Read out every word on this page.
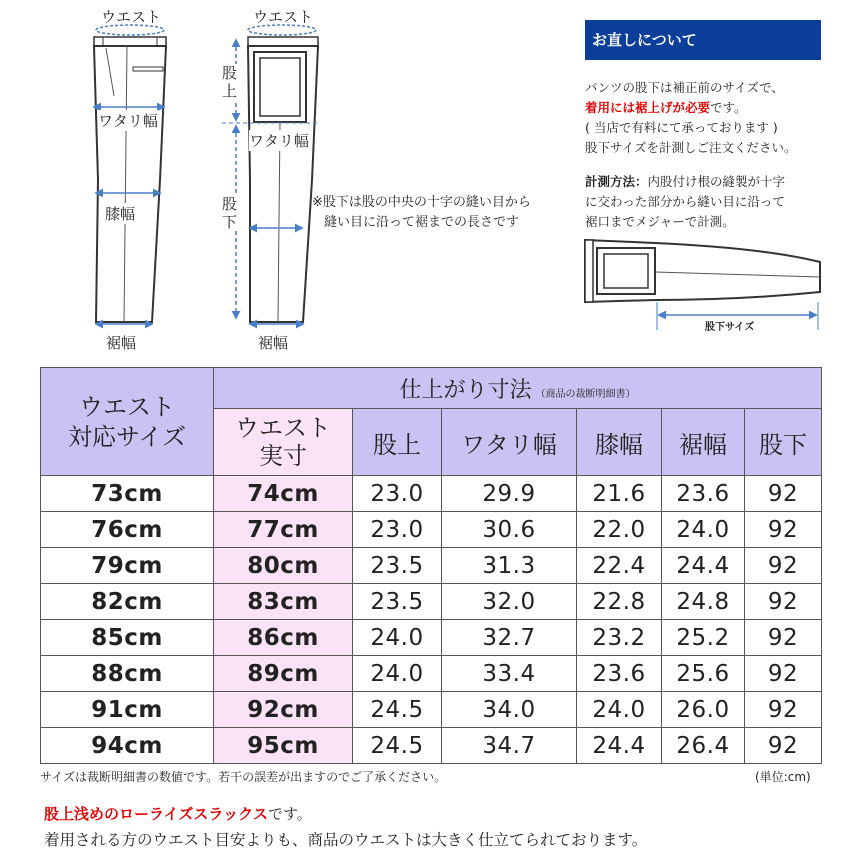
ウエスト	ウエスト
ワタリ幅
膝幅
裾幅
股上
ワタリ幅
股下
裾幅
※股下は股の中央の十字の縫い目から
縫い目に沿って裾までの長さです
股下サイズ
お直しについて
パンツの股下は補正前のサイズで、
着用には裾上げが必要です。
( 当店で有料にて承っております )
股下サイズを計測しご注文ください。
計測方法：内股付け根の縫製が十字
に交わった部分から縫い目に沿って
裾口までメジャーで計測。
ウエスト
対応サイズ	仕上がり寸法 （商品の裁断明細書）					

	ウエスト
実寸	股上	ワタリ幅	膝幅	裾幅	股下
73cm	74cm	23.0	29.9	21.6	23.6	92
76cm	77cm	23.0	30.6	22.0	24.0	92
79cm	80cm	23.5	31.3	22.4	24.4	92
82cm	83cm	23.5	32.0	22.8	24.8	92
85cm	86cm	24.0	32.7	23.2	25.2	92
88cm	89cm	24.0	33.4	23.6	25.6	92
91cm	92cm	24.5	34.0	24.0	26.0	92
94cm	95cm	24.5	34.7	24.4	26.4	92
サイズは裁断明細書の数値です。若干の誤差が出ますのでご了承ください。	(単位:cm)
股上浅めのローライズスラックスです。
着用される方のウエスト目安よりも、商品のウエストは大きく仕立てられております。
